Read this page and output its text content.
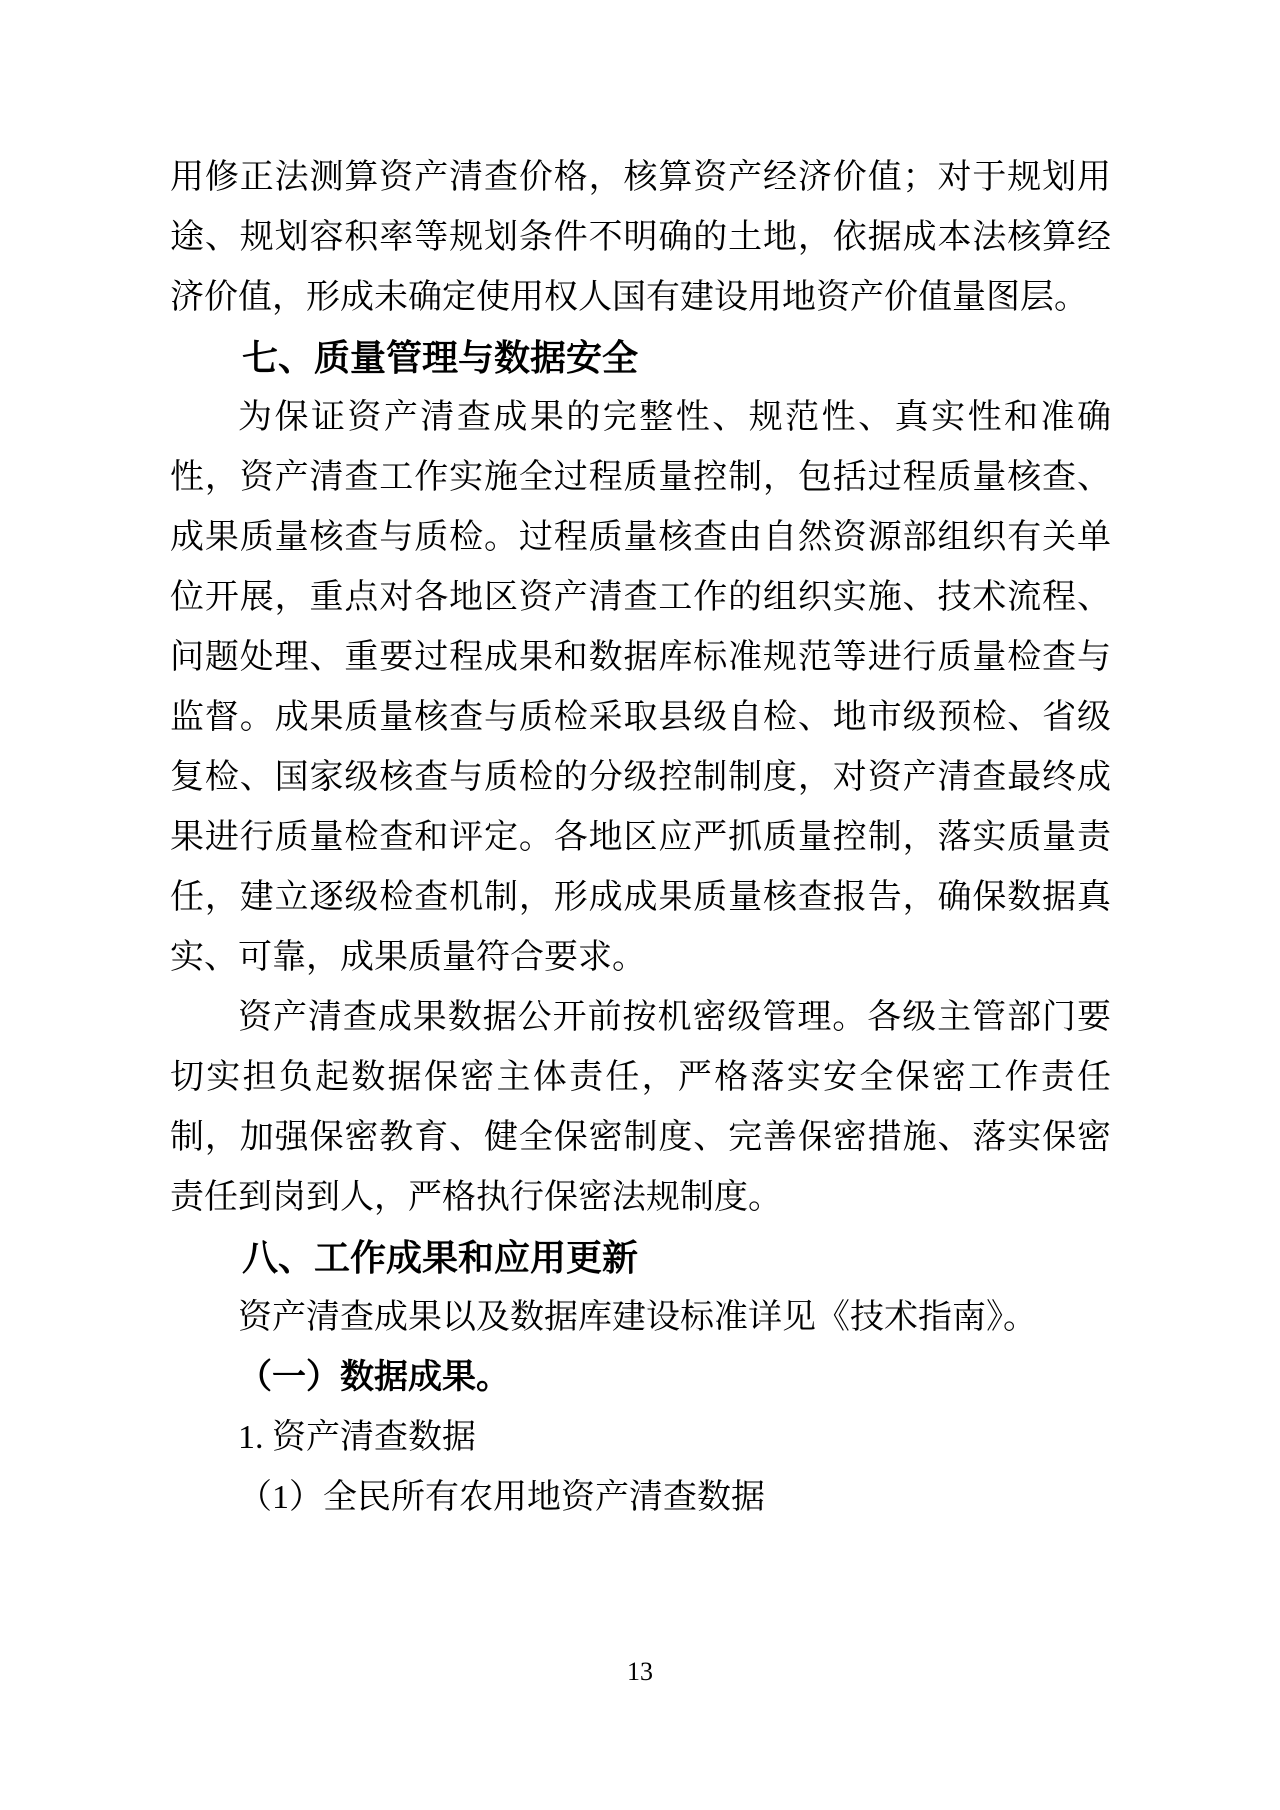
用修正法测算资产清查价格，核算资产经济价值；对于规划用途、规划容积率等规划条件不明确的土地，依据成本法核算经济价值，形成未确定使用权人国有建设用地资产价值量图层。

七、质量管理与数据安全

为保证资产清查成果的完整性、规范性、真实性和准确性，资产清查工作实施全过程质量控制，包括过程质量核查、成果质量核查与质检。过程质量核查由自然资源部组织有关单位开展，重点对各地区资产清查工作的组织实施、技术流程、问题处理、重要过程成果和数据库标准规范等进行质量检查与监督。成果质量核查与质检采取县级自检、地市级预检、省级复检、国家级核查与质检的分级控制制度，对资产清查最终成果进行质量检查和评定。各地区应严抓质量控制，落实质量责任，建立逐级检查机制，形成成果质量核查报告，确保数据真实、可靠，成果质量符合要求。

资产清查成果数据公开前按机密级管理。各级主管部门要切实担负起数据保密主体责任，严格落实安全保密工作责任制，加强保密教育、健全保密制度、完善保密措施、落实保密责任到岗到人，严格执行保密法规制度。

八、工作成果和应用更新

资产清查成果以及数据库建设标准详见《技术指南》。

（一）数据成果。

1. 资产清查数据

（1）全民所有农用地资产清查数据

13
